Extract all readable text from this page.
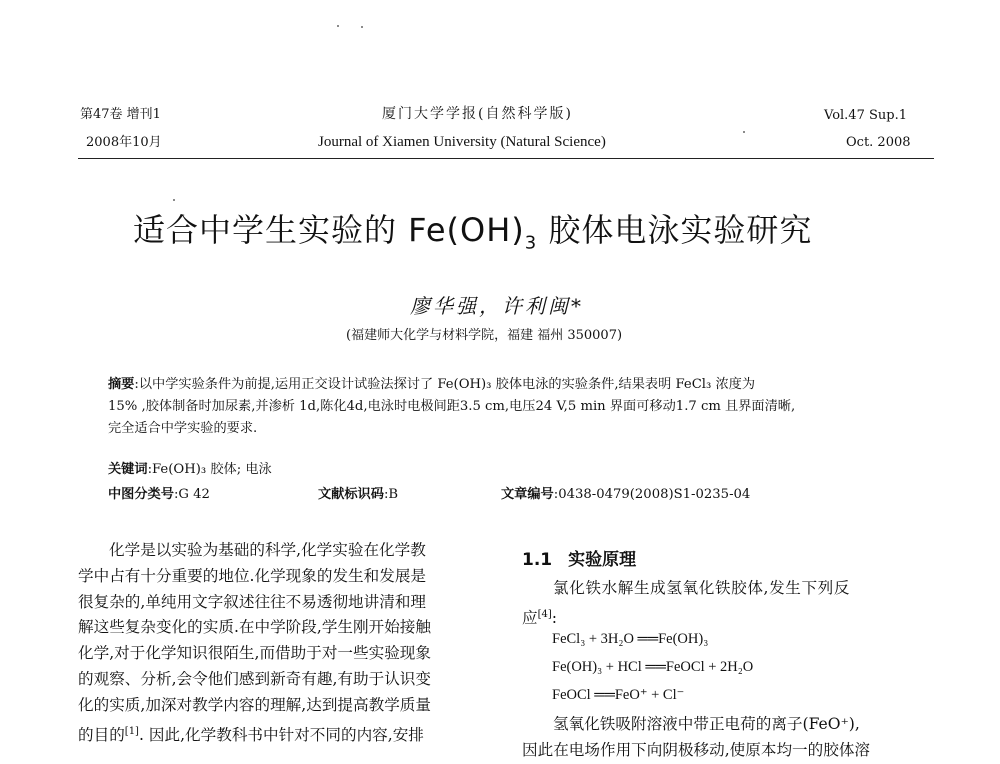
第47卷 增刊1
2008年10月
厦门大学学报(自然科学版)
Journal of Xiamen University (Natural Science)
Vol.47 Sup.1
Oct. 2008
适合中学生实验的 $Fe(OH)_3$ 胶体电泳实验研究
廖华强，许利闽*
(福建师大化学与材料学院，福建 福州 350007)
摘要:以中学实验条件为前提,运用正交设计试验法探讨了 Fe(OH)₃ 胶体电泳的实验条件,结果表明 FeCl₃ 浓度为
15% ,胶体制备时加尿素,并渗析 1d,陈化4d,电泳时电极间距3.5 cm,电压24 V,5 min 界面可移动1.7 cm 且界面清晰,
完全适合中学实验的要求.
关键词:Fe(OH)₃ 胶体; 电泳
中图分类号:G 42	文献标识码:B	文章编号:0438-0479(2008)S1-0235-04
化学是以实验为基础的科学,化学实验在化学教
学中占有十分重要的地位.化学现象的发生和发展是
很复杂的,单纯用文字叙述往往不易透彻地讲清和理
解这些复杂变化的实质.在中学阶段,学生刚开始接触
化学,对于化学知识很陌生,而借助于对一些实验现象
的观察、分析,会令他们感到新奇有趣,有助于认识变
化的实质,加深对教学内容的理解,达到提高教学质量
的目的[1]. 因此,化学教科书中针对不同的内容,安排
1.1 实验原理
氯化铁水解生成氢氧化铁胶体,发生下列反
应[4]:
FeCl₃ + 3H₂O ══Fe(OH)₃
Fe(OH)₃ + HCl ══FeOCl + 2H₂O
FeOCl ══FeO⁺ + Cl⁻
氢氧化铁吸附溶液中带正电荷的离子(FeO⁺),
因此在电场作用下向阴极移动,使原本均一的胶体溶
